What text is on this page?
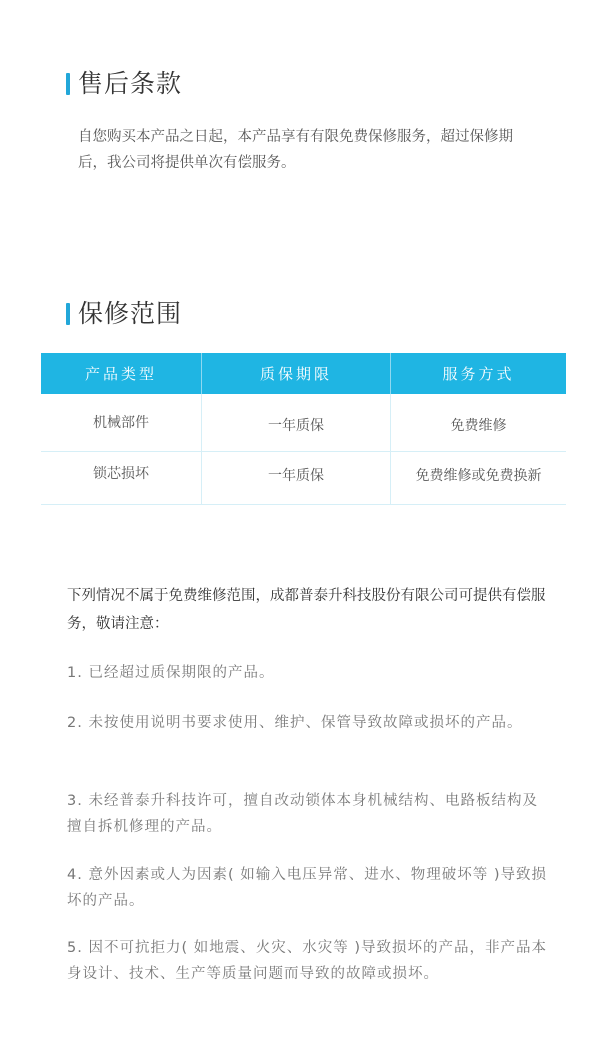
售后条款

自您购买本产品之日起，本产品享有有限免费保修服务，超过保修期后，我公司将提供单次有偿服务。

保修范围
产品类型	质保期限	服务方式
机械部件	一年质保	免费维修
锁芯损坏	一年质保	免费维修或免费换新

下列情况不属于免费维修范围，成都普泰升科技股份有限公司可提供有偿服务，敬请注意：

1. 已经超过质保期限的产品。

2. 未按使用说明书要求使用、维护、保管导致故障或损坏的产品。

3. 未经普泰升科技许可，擅自改动锁体本身机械结构、电路板结构及擅自拆机修理的产品。

4. 意外因素或人为因素( 如输入电压异常、进水、物理破坏等 )导致损坏的产品。

5. 因不可抗拒力( 如地震、火灾、水灾等 )导致损坏的产品，非产品本身设计、技术、生产等质量问题而导致的故障或损坏。
